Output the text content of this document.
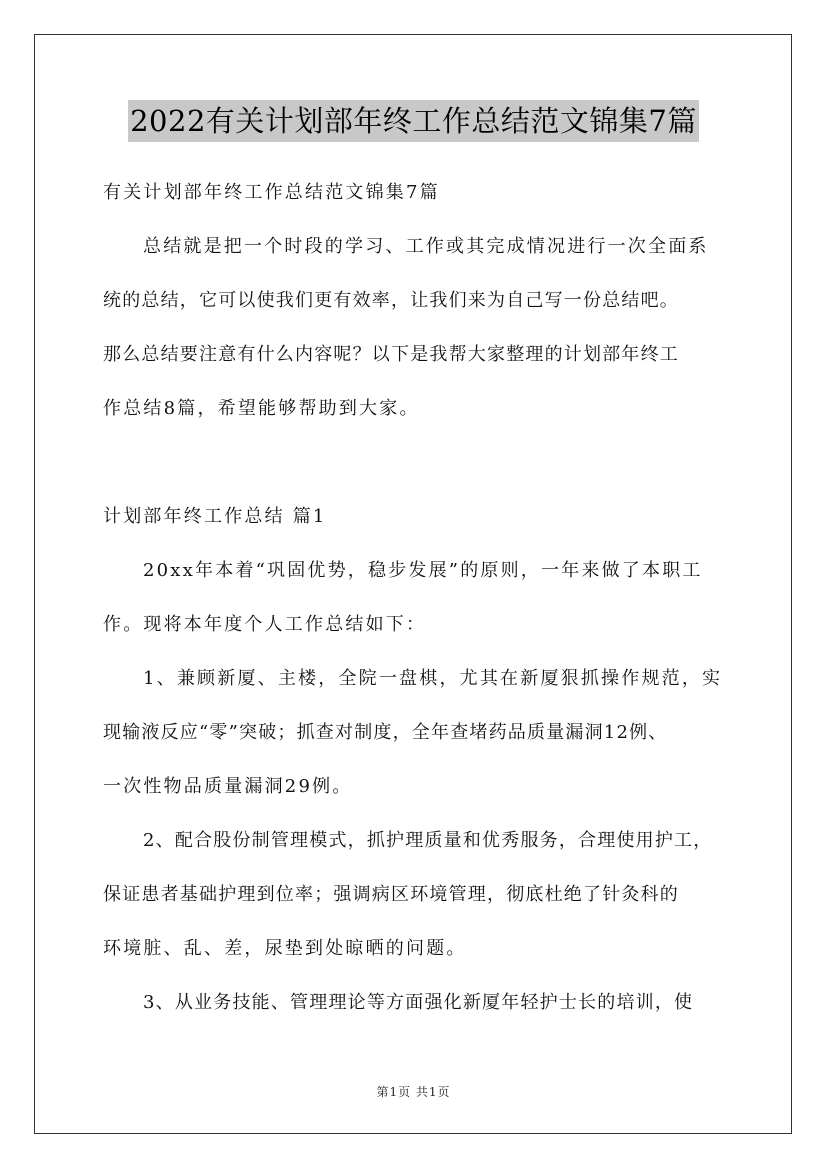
2022有关计划部年终工作总结范文锦集7篇
有关计划部年终工作总结范文锦集7篇
总结就是把一个时段的学习、工作或其完成情况进行一次全面系
统的总结，它可以使我们更有效率，让我们来为自己写一份总结吧。
那么总结要注意有什么内容呢？以下是我帮大家整理的计划部年终工
作总结8篇，希望能够帮助到大家。
计划部年终工作总结 篇1
20xx年本着“巩固优势，稳步发展”的原则，一年来做了本职工
作。现将本年度个人工作总结如下：
1、兼顾新厦、主楼，全院一盘棋，尤其在新厦狠抓操作规范，实
现输液反应“零”突破；抓查对制度，全年查堵药品质量漏洞12例、
一次性物品质量漏洞29例。
2、配合股份制管理模式，抓护理质量和优秀服务，合理使用护工，
保证患者基础护理到位率；强调病区环境管理，彻底杜绝了针灸科的
环境脏、乱、差，尿垫到处晾晒的问题。
3、从业务技能、管理理论等方面强化新厦年轻护士长的培训，使
第1页 共1页
